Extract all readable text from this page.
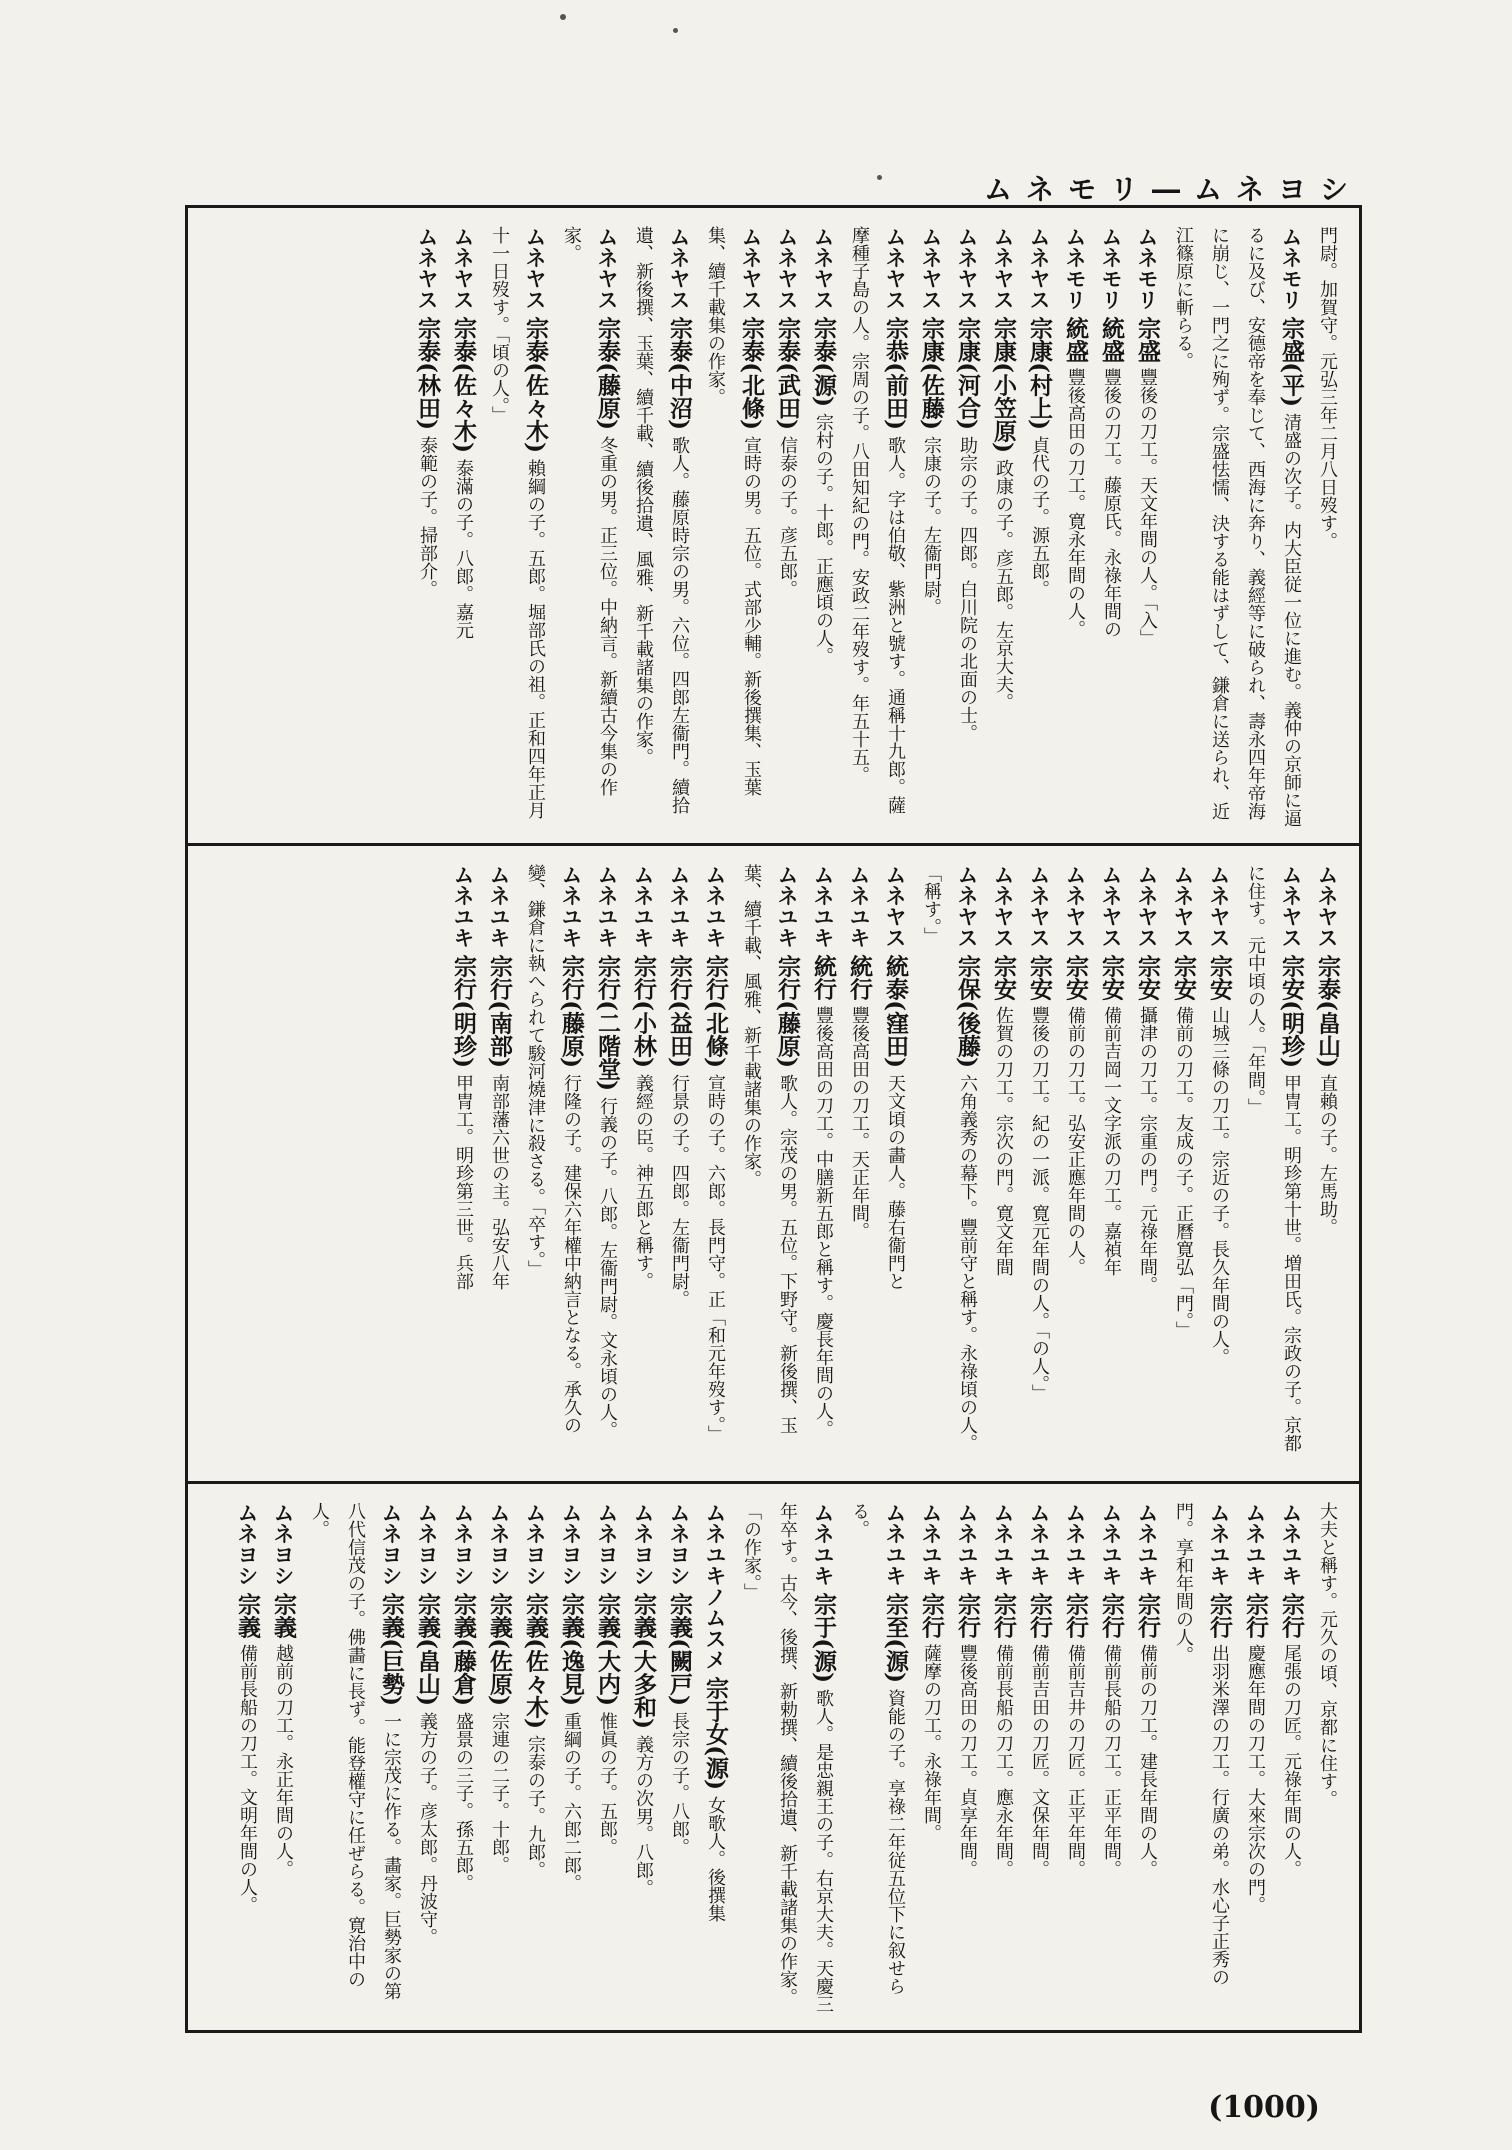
ムネモリ―ムネヨシ

門尉。加賀守。元弘三年二月八日歿す。

ムネモリ 宗盛(平) 清盛の次子。内大臣従一位に進む。義仲の京師に逼るに及び、安德帝を奉じて、西海に奔り、義經等に破られ、壽永四年帝海に崩じ、一門之に殉ず。宗盛怯懦、決する能はずして、鎌倉に送られ、近江篠原に斬らる。

ムネモリ 宗盛 豐後の刀工。天文年間の人。「入」

ムネモリ 統盛 豐後の刀工。藤原氏。永祿年間の

ムネモリ 統盛 豐後高田の刀工。寛永年間の人。

ムネヤス 宗康(村上) 貞代の子。源五郎。

ムネヤス 宗康(小笠原) 政康の子。彦五郎。左京大夫。

ムネヤス 宗康(河合) 助宗の子。四郎。白川院の北面の士。

ムネヤス 宗康(佐藤) 宗康の子。左衞門尉。

ムネヤス 宗恭(前田) 歌人。字は伯敬、紫洲と號す。通稱十九郎。薩摩種子島の人。宗周の子。八田知紀の門。安政二年歿す。年五十五。

ムネヤス 宗泰(源) 宗村の子。十郎。正應頃の人。

ムネヤス 宗泰(武田) 信泰の子。彦五郎。

ムネヤス 宗泰(北條) 宣時の男。五位。式部少輔。新後撰集、玉葉集、續千載集の作家。

ムネヤス 宗泰(中沼) 歌人。藤原時宗の男。六位。四郎左衞門。續拾遺、新後撰、玉葉、續千載、續後拾遺、風雅、新千載諸集の作家。

ムネヤス 宗泰(藤原) 冬重の男。正三位。中納言。新續古今集の作家。

ムネヤス 宗泰(佐々木) 賴綱の子。五郎。堀部氏の祖。正和四年正月十一日歿す。「頃の人。」

ムネヤス 宗泰(佐々木) 泰滿の子。八郎。嘉元

ムネヤス 宗泰(林田) 泰範の子。掃部介。

ムネヤス 宗泰(畠山) 直賴の子。左馬助。

ムネヤス 宗安(明珍) 甲冑工。明珍第十世。増田氏。宗政の子。京都に住す。元中頃の人。「年間。」

ムネヤス 宗安 山城三條の刀工。宗近の子。長久年間の人。

ムネヤス 宗安 備前の刀工。友成の子。正曆寛弘「門。」

ムネヤス 宗安 攝津の刀工。宗重の門。元祿年間。

ムネヤス 宗安 備前吉岡一文字派の刀工。嘉禎年

ムネヤス 宗安 備前の刀工。弘安正應年間の人。

ムネヤス 宗安 豐後の刀工。紀の一派。寛元年間の人。「の人。」

ムネヤス 宗安 佐賀の刀工。宗次の門。寛文年間

ムネヤス 宗保(後藤) 六角義秀の幕下。豐前守と稱す。永祿頃の人。「稱す。」

ムネヤス 統泰(窪田) 天文頃の畵人。藤右衞門と

ムネユキ 統行 豐後高田の刀工。天正年間。

ムネユキ 統行 豐後高田の刀工。中膳新五郎と稱す。慶長年間の人。

ムネユキ 宗行(藤原) 歌人。宗茂の男。五位。下野守。新後撰、玉葉、續千載、風雅、新千載諸集の作家。

ムネユキ 宗行(北條) 宣時の子。六郎。長門守。正「和元年歿す。」

ムネユキ 宗行(益田) 行景の子。四郎。左衞門尉。

ムネユキ 宗行(小林) 義經の臣。神五郎と稱す。

ムネユキ 宗行(二階堂) 行義の子。八郎。左衞門尉。文永頃の人。

ムネユキ 宗行(藤原) 行隆の子。建保六年權中納言となる。承久の變、鎌倉に執へられて駿河燒津に殺さる。「卒す。」

ムネユキ 宗行(南部) 南部藩六世の主。弘安八年

ムネユキ 宗行(明珍) 甲冑工。明珍第三世。兵部

大夫と稱す。元久の頃、京都に住す。

ムネユキ 宗行 尾張の刀匠。元祿年間の人。

ムネユキ 宗行 慶應年間の刀工。大來宗次の門。

ムネユキ 宗行 出羽米澤の刀工。行廣の弟。水心子正秀の門。享和年間の人。

ムネユキ 宗行 備前の刀工。建長年間の人。

ムネユキ 宗行 備前長船の刀工。正平年間。

ムネユキ 宗行 備前吉井の刀匠。正平年間。

ムネユキ 宗行 備前吉田の刀匠。文保年間。

ムネユキ 宗行 備前長船の刀工。應永年間。

ムネユキ 宗行 豐後高田の刀工。貞享年間。

ムネユキ 宗行 薩摩の刀工。永祿年間。

ムネユキ 宗至(源) 資能の子。享祿二年従五位下に叙せらる。

ムネユキ 宗于(源) 歌人。是忠親王の子。右京大夫。天慶三年卒す。古今、後撰、新勅撰、續後拾遺、新千載諸集の作家。「の作家。」

ムネユキノムスメ 宗于女(源) 女歌人。後撰集

ムネヨシ 宗義(闕戸) 長宗の子。八郎。

ムネヨシ 宗義(大多和) 義方の次男。八郎。

ムネヨシ 宗義(大内) 惟眞の子。五郎。

ムネヨシ 宗義(逸見) 重綱の子。六郎二郎。

ムネヨシ 宗義(佐々木) 宗泰の子。九郎。

ムネヨシ 宗義(佐原) 宗連の二子。十郎。

ムネヨシ 宗義(藤倉) 盛景の三子。孫五郎。

ムネヨシ 宗義(畠山) 義方の子。彦太郎。丹波守。

ムネヨシ 宗義(巨勢) 一に宗茂に作る。畵家。巨勢家の第八代信茂の子。佛畵に長ず。能登權守に任ぜらる。寛治中の人。

ムネヨシ 宗義 越前の刀工。永正年間の人。

ムネヨシ 宗義 備前長船の刀工。文明年間の人。

(1000)
